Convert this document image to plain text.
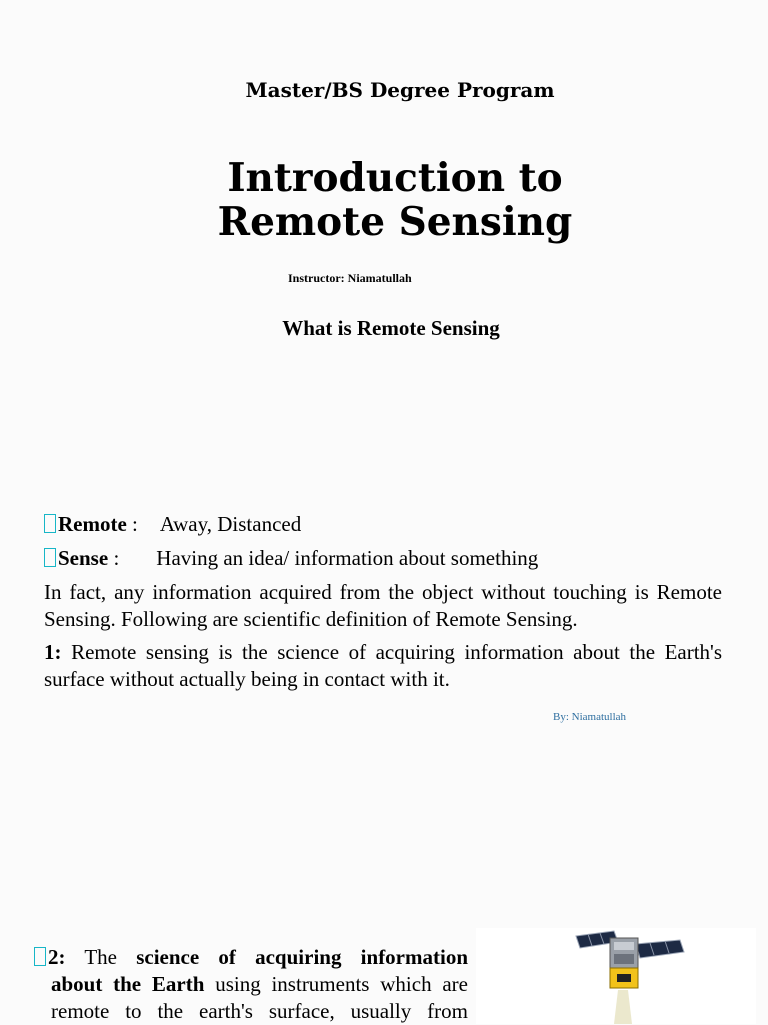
Master/BS Degree Program
Introduction to
Remote Sensing
Instructor: Niamatullah
What is Remote Sensing
Remote : Away, Distanced
Sense : Having an idea/ information about something
In fact, any information acquired from the object without touching is Remote Sensing. Following are scientific definition of Remote Sensing.
1: Remote sensing is the science of acquiring information about the Earth's surface without actually being in contact with it.
By: Niamatullah
2: The science of acquiring information
about the Earth using instruments which are
remote to the earth's surface, usually from
